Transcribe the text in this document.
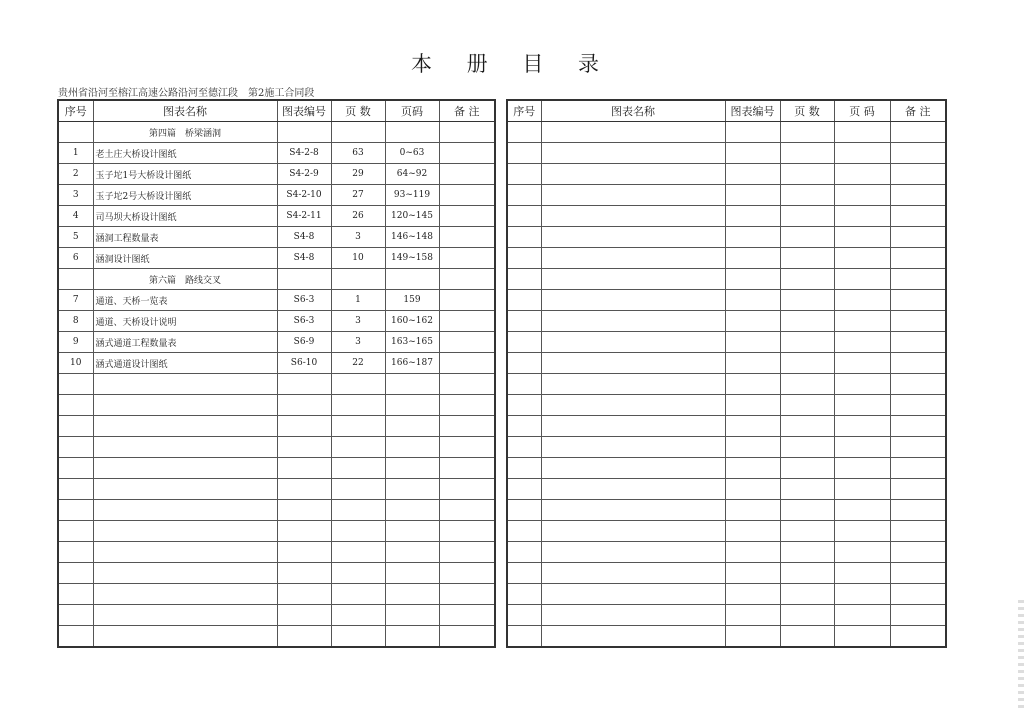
本 册 目 录
贵州省沿河至榕江高速公路沿河至德江段　第2施工合同段
序号	图表名称	图表编号	页 数	页码	备 注
	第四篇　桥梁涵洞				
1	老土庄大桥设计图纸	S4-2-8	63	0~63	
2	玉子坨1号大桥设计图纸	S4-2-9	29	64~92	
3	玉子坨2号大桥设计图纸	S4-2-10	27	93~119	
4	司马坝大桥设计图纸	S4-2-11	26	120~145	
5	涵洞工程数量表	S4-8	3	146~148	
6	涵洞设计图纸	S4-8	10	149~158	
	第六篇　路线交叉				
7	通道、天桥一览表	S6-3	1	159	
8	通道、天桥设计说明	S6-3	3	160~162	
9	涵式通道工程数量表	S6-9	3	163~165	
10	涵式通道设计图纸	S6-10	22	166~187	

序号	图表名称	图表编号	页 数	页 码	备 注
